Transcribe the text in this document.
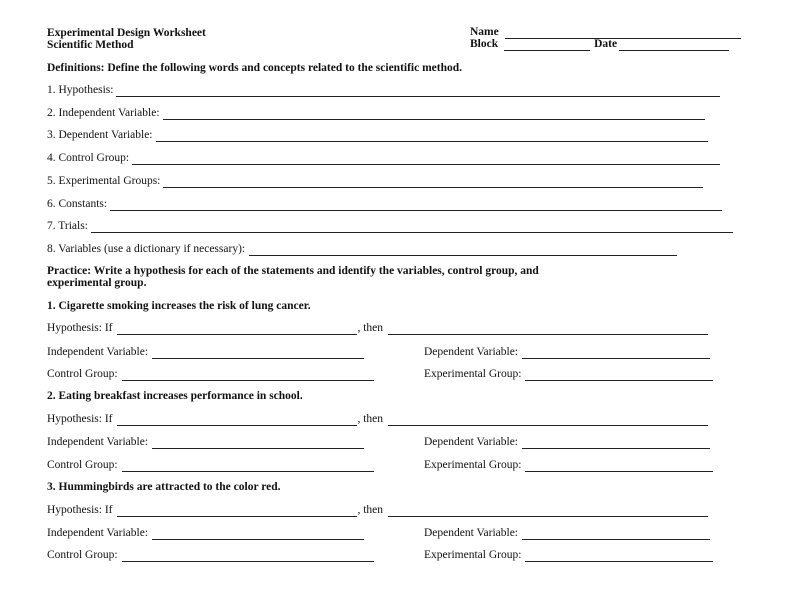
Experimental Design Worksheet
Scientific Method
Name
Block	Date
Definitions: Define the following words and concepts related to the scientific method.
1. Hypothesis:
2. Independent Variable:
3. Dependent Variable:
4. Control Group:
5. Experimental Groups:
6. Constants:
7. Trials:
8. Variables (use a dictionary if necessary):
Practice: Write a hypothesis for each of the statements and identify the variables, control group, and
experimental group.
1. Cigarette smoking increases the risk of lung cancer.
Hypothesis: If	, then
Independent Variable:	Dependent Variable:
Control Group:	Experimental Group:
2. Eating breakfast increases performance in school.
Hypothesis: If	, then
Independent Variable:	Dependent Variable:
Control Group:	Experimental Group:
3. Hummingbirds are attracted to the color red.
Hypothesis: If	, then
Independent Variable:	Dependent Variable:
Control Group:	Experimental Group:
